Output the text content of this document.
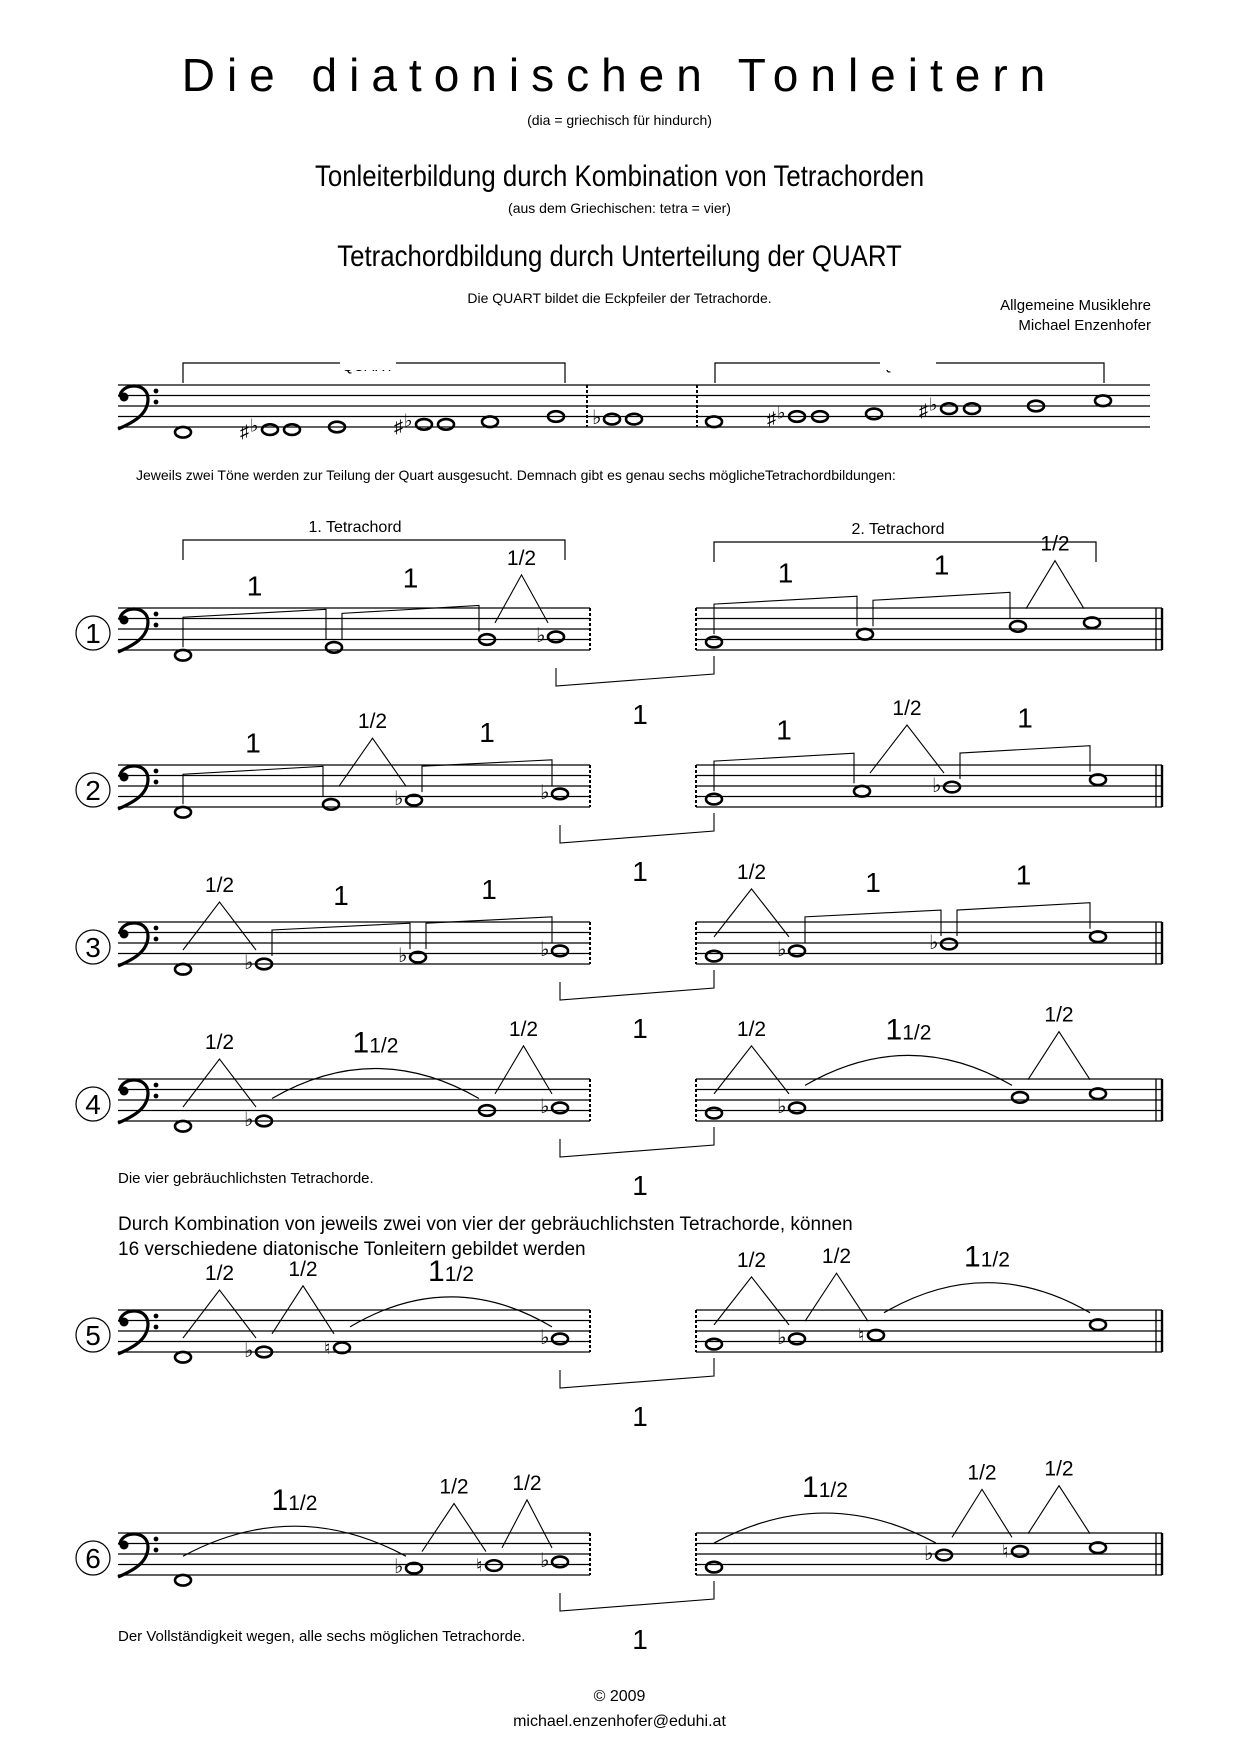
Die diatonischen Tonleitern
(dia = griechisch für hindurch)
Tonleiterbildung durch Kombination von Tetrachorden
(aus dem Griechischen: tetra = vier)
Tetrachordbildung durch Unterteilung der QUART
Die QUART bildet die Eckpfeiler der Tetrachorde.	Allgemeine Musiklehre
Michael Enzenhofer
1. Tetrachord	2. Tetrachord
♯ ♭	♯ ♭	♭	♯ ♭	♯ ♭
1	♭
1	1
1/2	1	1
1/2
1
2	♭	♭	♭
1
1/2	1	1
1/2	1
1
3	♭	♭	♭	♭	♭
1/2	1	1
1/2	1	1
1
4	♭
♭	♭
1/2	11/2
1/2	1/2	11/2
1/2
1
5	♭	♮	♭	♭	♮
1/2	1/2	11/2
1/2	1/2	11/2
1
6	♭	♮	♭	♭	♮
11/2
1/2 1/2	11/2
1/2 1/2
1
Jeweils zwei Töne werden zur Teilung der Quart ausgesucht. Demnach gibt es genau sechs möglicheTetrachordbildungen:
Die vier gebräuchlichsten Tetrachorde.
Durch Kombination von jeweils zwei von vier der gebräuchlichsten Tetrachorde, können
16 verschiedene diatonische Tonleitern gebildet werden
Der Vollständigkeit wegen, alle sechs möglichen Tetrachorde.
© 2009
michael.enzenhofer@eduhi.at
